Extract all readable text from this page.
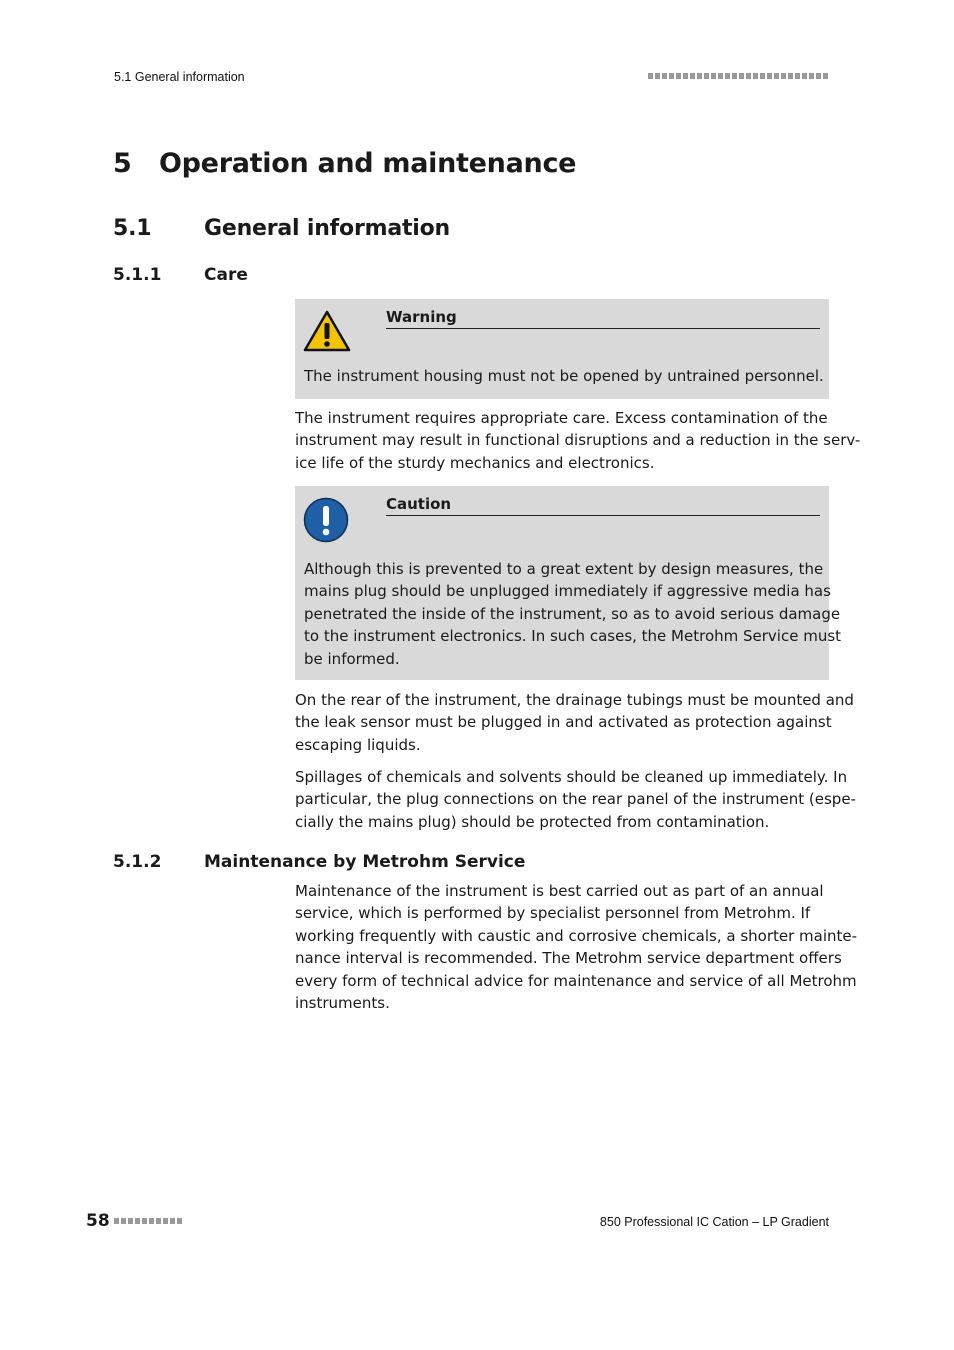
5.1 General information
5	Operation and maintenance
5.1	General information
5.1.1	Care
Warning
The instrument housing must not be opened by untrained personnel.

The instrument requires appropriate care. Excess contamination of the
instrument may result in functional disruptions and a reduction in the serv-
ice life of the sturdy mechanics and electronics.

Caution
Although this is prevented to a great extent by design measures, the
mains plug should be unplugged immediately if aggressive media has
penetrated the inside of the instrument, so as to avoid serious damage
to the instrument electronics. In such cases, the Metrohm Service must
be informed.

On the rear of the instrument, the drainage tubings must be mounted and
the leak sensor must be plugged in and activated as protection against
escaping liquids.

Spillages of chemicals and solvents should be cleaned up immediately. In
particular, the plug connections on the rear panel of the instrument (espe-
cially the mains plug) should be protected from contamination.

5.1.2	Maintenance by Metrohm Service

Maintenance of the instrument is best carried out as part of an annual
service, which is performed by specialist personnel from Metrohm. If
working frequently with caustic and corrosive chemicals, a shorter mainte-
nance interval is recommended. The Metrohm service department offers
every form of technical advice for maintenance and service of all Metrohm
instruments.

58	850 Professional IC Cation – LP Gradient
